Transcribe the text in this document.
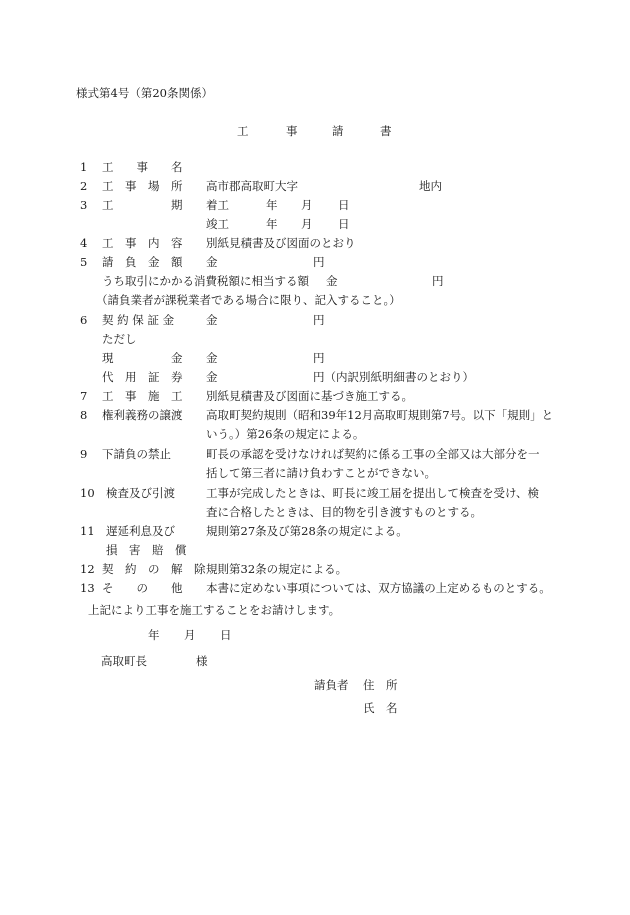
様式第4号（第20条関係）
工	事	請	書
1 工　　事　　名
2 工　事　場　所 高市郡高取町大字	地内
3 工　　　　　期 着工	年 月 日
竣工	年 月 日
4 工　事　内　容 別紙見積書及び図面のとおり
5 請　負　金　額 金	円
うち取引にかかる消費税額に相当する額 金	円
（請負業者が課税業者である場合に限り、記入すること。）
6 契 約 保 証 金	金	円
ただし
現　　　　　金 金	円
代　用　証　券 金	円（内訳別紙明細書のとおり）
7 工　事　施　工 別紙見積書及び図面に基づき施工する。
8 権利義務の譲渡 高取町契約規則（昭和39年12月高取町規則第7号。以下「規則」と
いう。）第26条の規定による。
9 下請負の禁止	町長の承認を受けなければ契約に係る工事の全部又は大部分を一
括して第三者に請け負わすことができない。
10 検査及び引渡	工事が完成したときは、町長に竣工届を提出して検査を受け、検
査に合格したときは、目的物を引き渡すものとする。
11 遅延利息及び
損　害　賠　償
規則第27条及び第28条の規定による。
12 契　約　の　解　除 規則第32条の規定による。
13 そ　　の　　他 本書に定めない事項については、双方協議の上定めるものとする。
上記により工事を施工することをお請けします。
年 月 日
高取町長	様
請負者 住　所
氏　名
